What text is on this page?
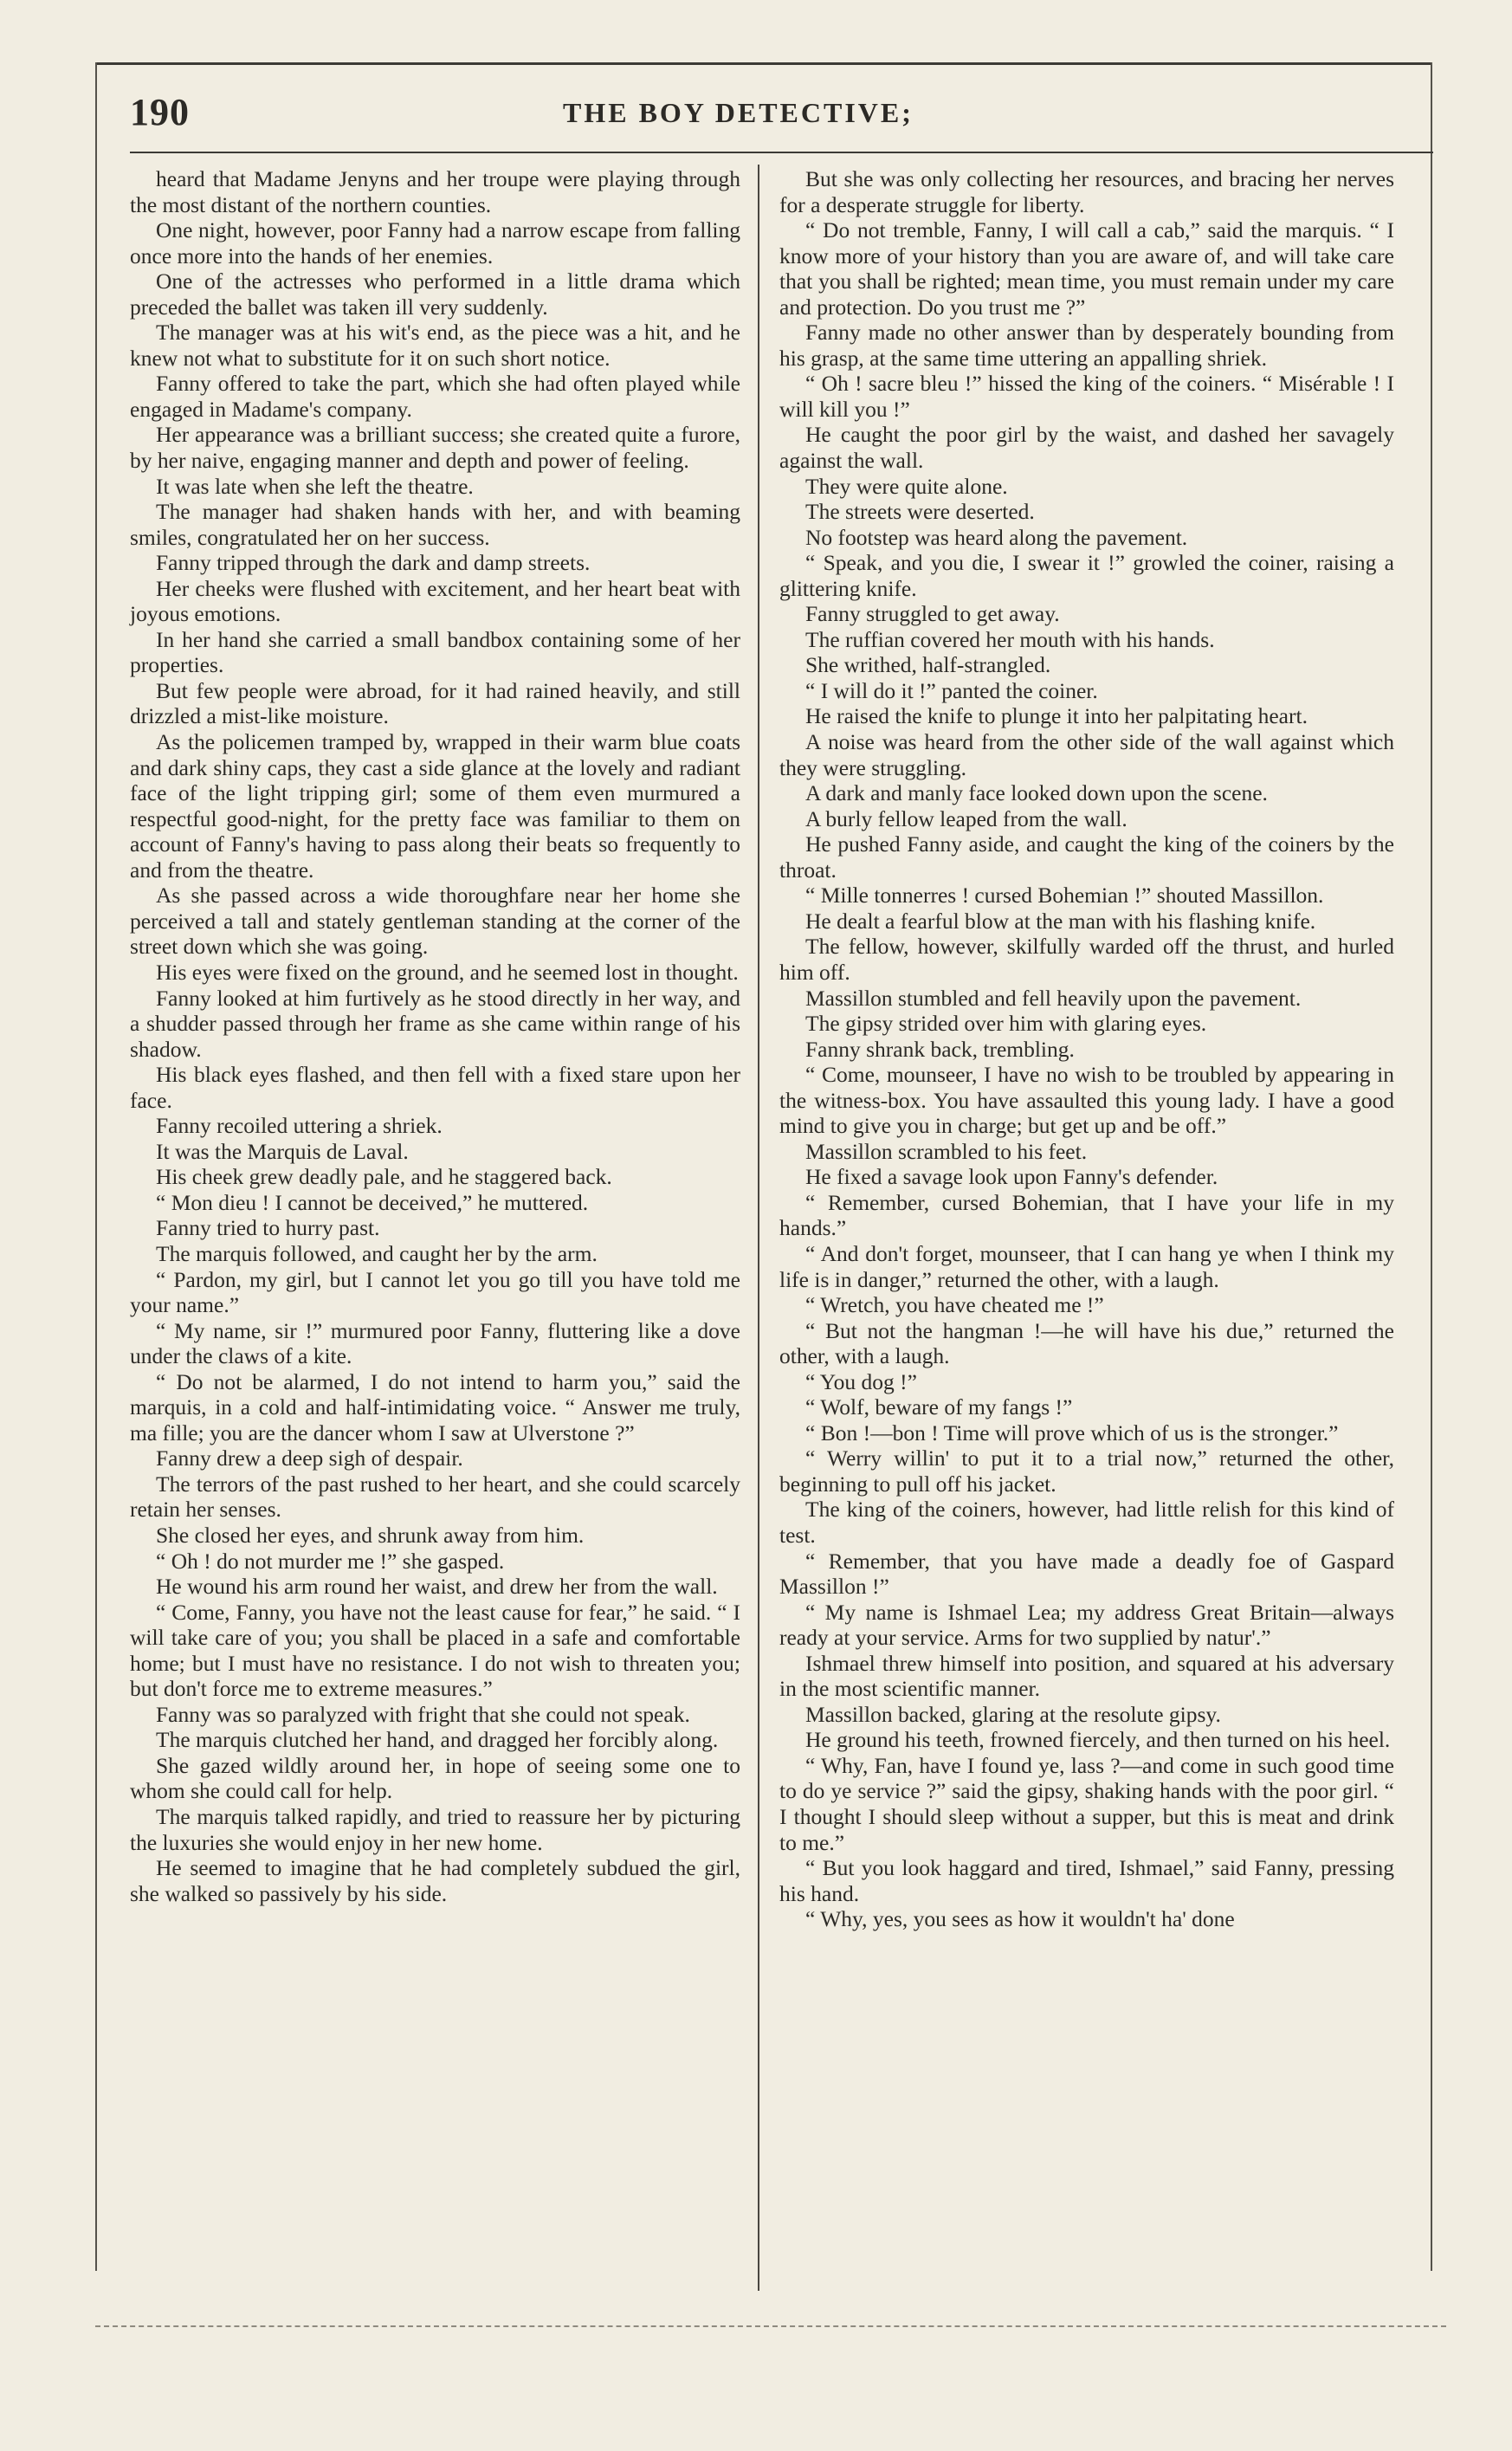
190	THE BOY DETECTIVE;

heard that Madame Jenyns and her troupe were playing through the most distant of the northern counties.

One night, however, poor Fanny had a narrow escape from falling once more into the hands of her enemies.

One of the actresses who performed in a little drama which preceded the ballet was taken ill very suddenly.

The manager was at his wit's end, as the piece was a hit, and he knew not what to substitute for it on such short notice.

Fanny offered to take the part, which she had often played while engaged in Madame's company.

Her appearance was a brilliant success; she created quite a furore, by her naive, engaging manner and depth and power of feeling.

It was late when she left the theatre.

The manager had shaken hands with her, and with beaming smiles, congratulated her on her success.

Fanny tripped through the dark and damp streets.

Her cheeks were flushed with excitement, and her heart beat with joyous emotions.

In her hand she carried a small bandbox containing some of her properties.

But few people were abroad, for it had rained heavily, and still drizzled a mist-like moisture.

As the policemen tramped by, wrapped in their warm blue coats and dark shiny caps, they cast a side glance at the lovely and radiant face of the light tripping girl; some of them even murmured a respectful good-night, for the pretty face was familiar to them on account of Fanny's having to pass along their beats so frequently to and from the theatre.

As she passed across a wide thoroughfare near her home she perceived a tall and stately gentleman standing at the corner of the street down which she was going.

His eyes were fixed on the ground, and he seemed lost in thought.

Fanny looked at him furtively as he stood directly in her way, and a shudder passed through her frame as she came within range of his shadow.

His black eyes flashed, and then fell with a fixed stare upon her face.

Fanny recoiled uttering a shriek.

It was the Marquis de Laval.

His cheek grew deadly pale, and he staggered back.

“ Mon dieu ! I cannot be deceived,” he muttered.

Fanny tried to hurry past.

The marquis followed, and caught her by the arm.

“ Pardon, my girl, but I cannot let you go till you have told me your name.”

“ My name, sir !” murmured poor Fanny, fluttering like a dove under the claws of a kite.

“ Do not be alarmed, I do not intend to harm you,” said the marquis, in a cold and half-intimidating voice. “ Answer me truly, ma fille; you are the dancer whom I saw at Ulverstone ?”

Fanny drew a deep sigh of despair.

The terrors of the past rushed to her heart, and she could scarcely retain her senses.

She closed her eyes, and shrunk away from him.

“ Oh ! do not murder me !” she gasped.

He wound his arm round her waist, and drew her from the wall.

“ Come, Fanny, you have not the least cause for fear,” he said. “ I will take care of you; you shall be placed in a safe and comfortable home; but I must have no resistance. I do not wish to threaten you; but don't force me to extreme measures.”

Fanny was so paralyzed with fright that she could not speak.

The marquis clutched her hand, and dragged her forcibly along.

She gazed wildly around her, in hope of seeing some one to whom she could call for help.

The marquis talked rapidly, and tried to reassure her by picturing the luxuries she would enjoy in her new home.

He seemed to imagine that he had completely subdued the girl, she walked so passively by his side.

But she was only collecting her resources, and bracing her nerves for a desperate struggle for liberty.

“ Do not tremble, Fanny, I will call a cab,” said the marquis. “ I know more of your history than you are aware of, and will take care that you shall be righted; mean time, you must remain under my care and protection. Do you trust me ?”

Fanny made no other answer than by desperately bounding from his grasp, at the same time uttering an appalling shriek.

“ Oh ! sacre bleu !” hissed the king of the coiners. “ Misérable ! I will kill you !”

He caught the poor girl by the waist, and dashed her savagely against the wall.

They were quite alone.

The streets were deserted.

No footstep was heard along the pavement.

“ Speak, and you die, I swear it !” growled the coiner, raising a glittering knife.

Fanny struggled to get away.

The ruffian covered her mouth with his hands.

She writhed, half-strangled.

“ I will do it !” panted the coiner.

He raised the knife to plunge it into her palpitating heart.

A noise was heard from the other side of the wall against which they were struggling.

A dark and manly face looked down upon the scene.

A burly fellow leaped from the wall.

He pushed Fanny aside, and caught the king of the coiners by the throat.

“ Mille tonnerres ! cursed Bohemian !” shouted Massillon.

He dealt a fearful blow at the man with his flashing knife.

The fellow, however, skilfully warded off the thrust, and hurled him off.

Massillon stumbled and fell heavily upon the pavement.

The gipsy strided over him with glaring eyes.

Fanny shrank back, trembling.

“ Come, mounseer, I have no wish to be troubled by appearing in the witness-box. You have assaulted this young lady. I have a good mind to give you in charge; but get up and be off.”

Massillon scrambled to his feet.

He fixed a savage look upon Fanny's defender.

“ Remember, cursed Bohemian, that I have your life in my hands.”

“ And don't forget, mounseer, that I can hang ye when I think my life is in danger,” returned the other, with a laugh.

“ Wretch, you have cheated me !”

“ But not the hangman !—he will have his due,” returned the other, with a laugh.

“ You dog !”

“ Wolf, beware of my fangs !”

“ Bon !—bon ! Time will prove which of us is the stronger.”

“ Werry willin' to put it to a trial now,” returned the other, beginning to pull off his jacket.

The king of the coiners, however, had little relish for this kind of test.

“ Remember, that you have made a deadly foe of Gaspard Massillon !”

“ My name is Ishmael Lea; my address Great Britain—always ready at your service. Arms for two supplied by natur'.”

Ishmael threw himself into position, and squared at his adversary in the most scientific manner.

Massillon backed, glaring at the resolute gipsy.

He ground his teeth, frowned fiercely, and then turned on his heel.

“ Why, Fan, have I found ye, lass ?—and come in such good time to do ye service ?” said the gipsy, shaking hands with the poor girl. “ I thought I should sleep without a supper, but this is meat and drink to me.”

“ But you look haggard and tired, Ishmael,” said Fanny, pressing his hand.

“ Why, yes, you sees as how it wouldn't ha' done
